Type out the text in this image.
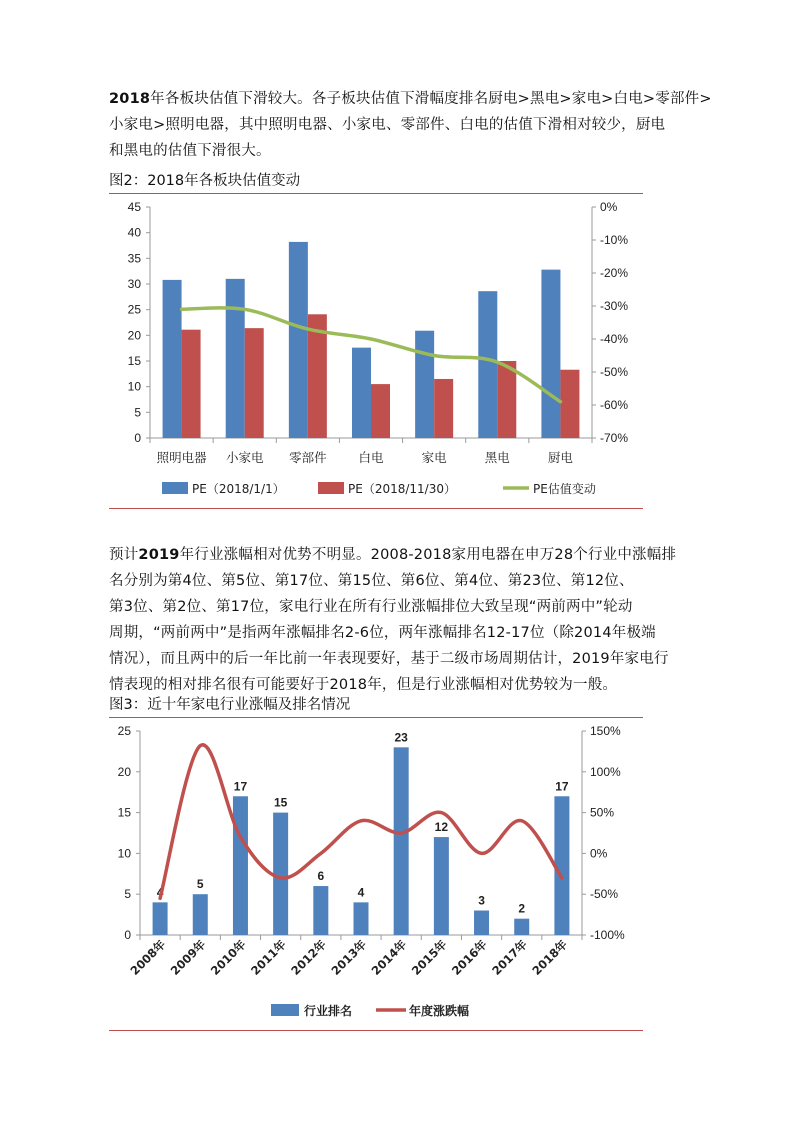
2018年各板块估值下滑较大。各子板块估值下滑幅度排名厨电>黑电>家电>白电>零部件>
小家电>照明电器，其中照明电器、小家电、零部件、白电的估值下滑相对较少，厨电
和黑电的估值下滑很大。
图2：2018年各板块估值变动
0
5
10
15
20
25
30
35
40
45
-70%
-60%
-50%
-40%
-30%
-20%
-10%
0%
照明电器 小家电 零部件	白电	家电	黑电	厨电
PE（2018/1/1）	PE（2018/11/30）	PE估值变动
预计2019年行业涨幅相对优势不明显。2008-2018家用电器在申万28个行业中涨幅排
名分别为第4位、第5位、第17位、第15位、第6位、第4位、第23位、第12位、
第3位、第2位、第17位，家电行业在所有行业涨幅排位大致呈现“两前两中”轮动
周期，“两前两中”是指两年涨幅排名2-6位，两年涨幅排名12-17位（除2014年极端
情况），而且两中的后一年比前一年表现要好，基于二级市场周期估计，2019年家电行
情表现的相对排名很有可能要好于2018年，但是行业涨幅相对优势较为一般。
图3：近十年家电行业涨幅及排名情况
0
5
10
15
20
25
-100%
-50%
0%
50%
100%
150%
4
5
17
15
6
4
23
12
3
2
17
2008年 2009年 2010年 2011年 2012年 2013年 2014年 2015年 2016年 2017年 2018年
行业排名	年度涨跌幅
